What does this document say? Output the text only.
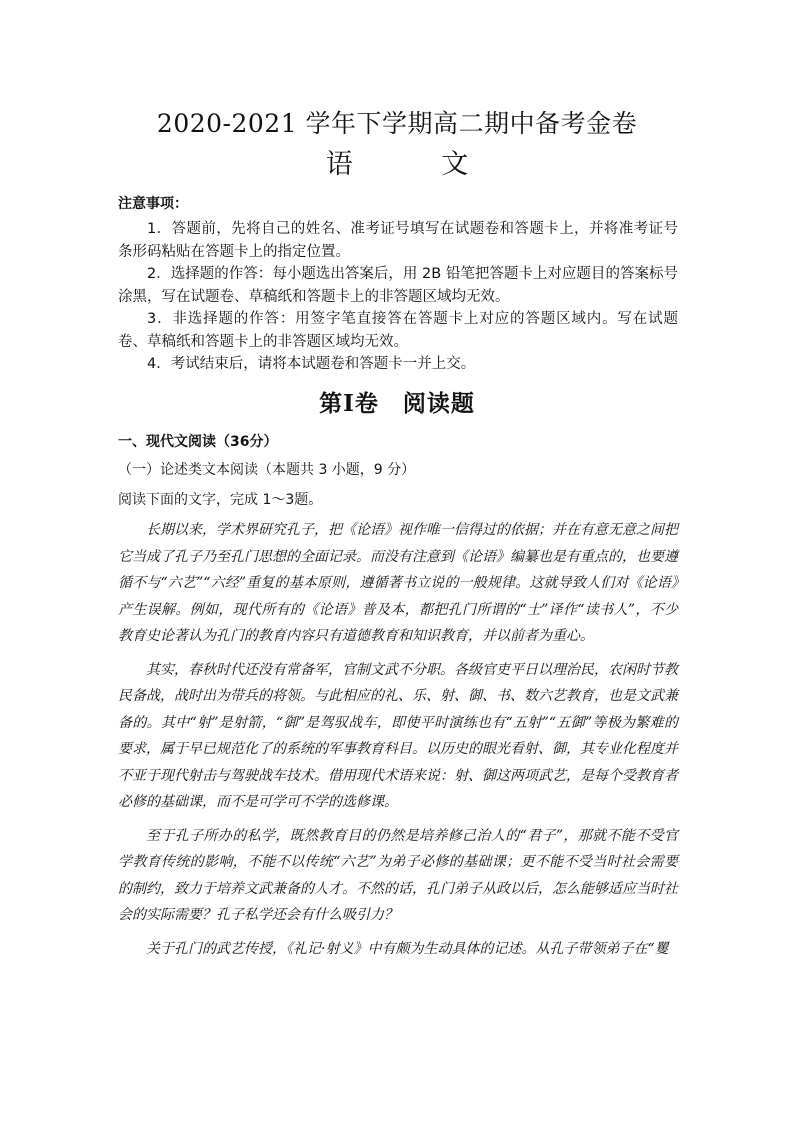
2020-2021 学年下学期高二期中备考金卷
语 文
注意事项：

1．答题前，先将自己的姓名、准考证号填写在试题卷和答题卡上，并将准考证号条形码粘贴在答题卡上的指定位置。

2．选择题的作答：每小题选出答案后，用 2B 铅笔把答题卡上对应题目的答案标号涂黑，写在试题卷、草稿纸和答题卡上的非答题区域均无效。

3．非选择题的作答：用签字笔直接答在答题卡上对应的答题区域内。写在试题卷、草稿纸和答题卡上的非答题区域均无效。

4．考试结束后，请将本试题卷和答题卡一并上交。

第Ⅰ卷　阅读题
一、现代文阅读（36分）
（一）论述类文本阅读（本题共 3 小题，9 分）
阅读下面的文字，完成 1～3题。

长期以来，学术界研究孔子，把《论语》视作唯一信得过的依据；并在有意无意之间把它当成了孔子乃至孔门思想的全面记录。而没有注意到《论语》编纂也是有重点的，也要遵循不与“六艺”“六经”重复的基本原则，遵循著书立说的一般规律。这就导致人们对《论语》产生误解。例如，现代所有的《论语》普及本，都把孔门所谓的“士”译作“读书人”，不少教育史论著认为孔门的教育内容只有道德教育和知识教育，并以前者为重心。

其实，春秋时代还没有常备军，官制文武不分职。各级官吏平日以理治民，农闲时节教民备战，战时出为带兵的将领。与此相应的礼、乐、射、御、书、数六艺教育，也是文武兼备的。其中“射”是射箭，“御”是驾驭战车，即使平时演练也有“五射”“五御”等极为繁难的要求，属于早已规范化了的系统的军事教育科目。以历史的眼光看射、御，其专业化程度并不亚于现代射击与驾驶战车技术。借用现代术语来说：射、御这两项武艺，是每个受教育者必修的基础课，而不是可学可不学的选修课。

至于孔子所办的私学，既然教育目的仍然是培养修己治人的“君子”，那就不能不受官学教育传统的影响，不能不以传统“六艺”为弟子必修的基础课；更不能不受当时社会需要的制约，致力于培养文武兼备的人才。不然的话，孔门弟子从政以后，怎么能够适应当时社会的实际需要？孔子私学还会有什么吸引力？

关于孔门的武艺传授，《礼记·射义》中有颇为生动具体的记述。从孔子带领弟子在“矍
